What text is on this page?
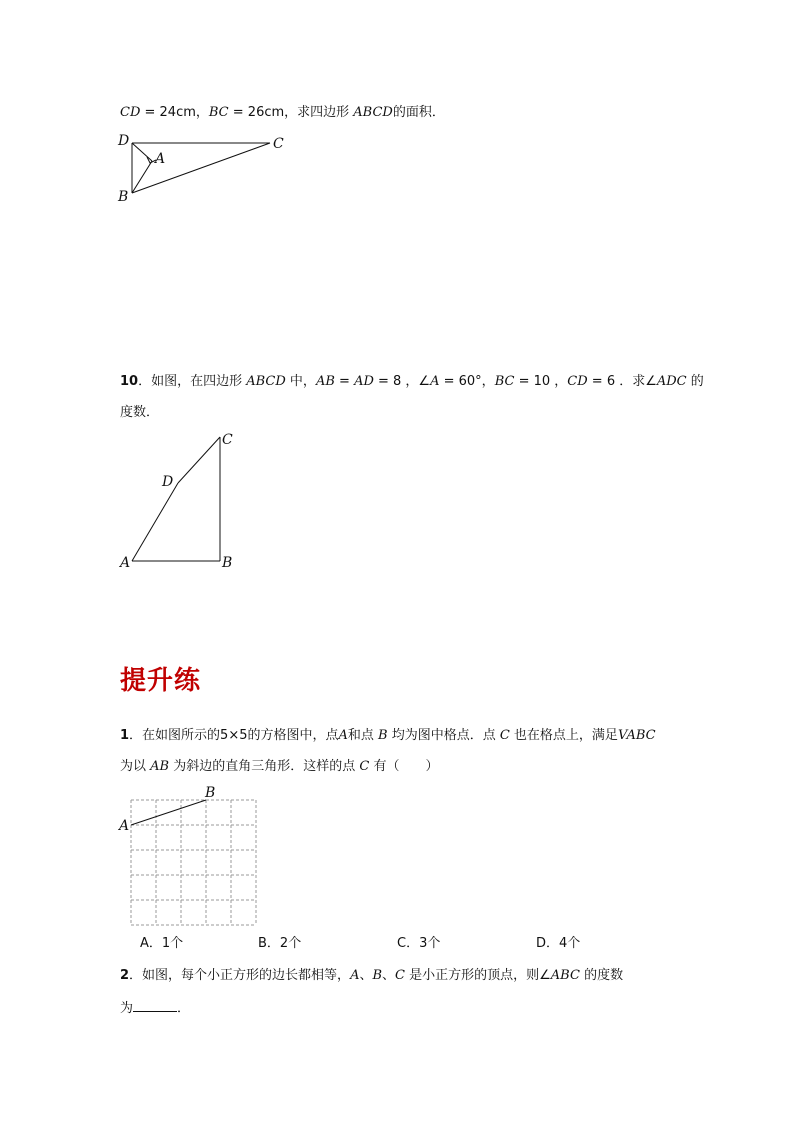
CD = 24cm，BC = 26cm，求四边形 ABCD的面积．
D
A
B
C
10．如图，在四边形 ABCD 中，AB = AD = 8 ，∠A = 60°，BC = 10 ，CD = 6 ．求∠ADC 的
度数．
C
D
A	B
提升练
1．在如图所示的5×5的方格图中，点A和点 B 均为图中格点．点 C 也在格点上，满足VABC
为以 AB 为斜边的直角三角形．这样的点 C 有（　　）
A
B
A．1个	B．2个	C．3个	D．4个
2．如图，每个小正方形的边长都相等，A、B、C 是小正方形的顶点，则∠ABC 的度数
为	．
